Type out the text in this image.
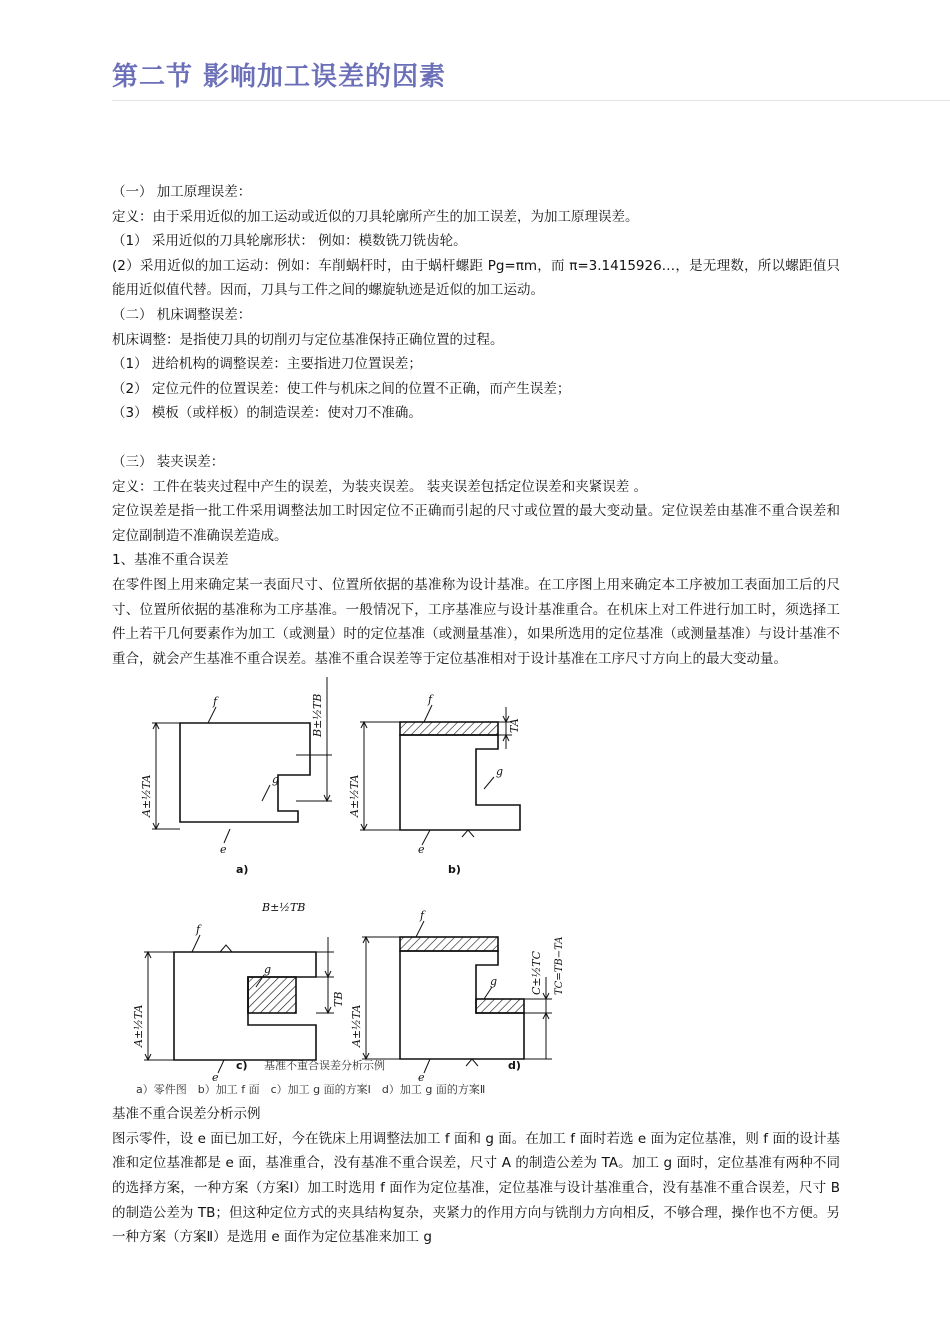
第二节 影响加工误差的因素

（一） 加工原理误差：

定义：由于采用近似的加工运动或近似的刀具轮廓所产生的加工误差，为加工原理误差。

（1） 采用近似的刀具轮廓形状： 例如：模数铣刀铣齿轮。

(2）采用近似的加工运动：例如：车削蜗杆时，由于蜗杆螺距 Pg=πm，而 π=3.1415926…，是无理数，所以螺距值只能用近似值代替。因而，刀具与工件之间的螺旋轨迹是近似的加工运动。

（二） 机床调整误差：

机床调整：是指使刀具的切削刃与定位基准保持正确位置的过程。

（1） 进给机构的调整误差：主要指进刀位置误差；

（2） 定位元件的位置误差：使工件与机床之间的位置不正确，而产生误差；

（3） 模板（或样板）的制造误差：使对刀不准确。

（三） 装夹误差：

定义：工件在装夹过程中产生的误差，为装夹误差。 装夹误差包括定位误差和夹紧误差 。

定位误差是指一批工件采用调整法加工时因定位不正确而引起的尺寸或位置的最大变动量。定位误差由基准不重合误差和定位副制造不准确误差造成。

1、基准不重合误差

在零件图上用来确定某一表面尺寸、位置所依据的基准称为设计基准。在工序图上用来确定本工序被加工表面加工后的尺寸、位置所依据的基准称为工序基准。一般情况下，工序基准应与设计基准重合。在机床上对工件进行加工时，须选择工件上若干几何要素作为加工（或测量）时的定位基准（或测量基准），如果所选用的定位基准（或测量基准）与设计基准不重合，就会产生基准不重合误差。基准不重合误差等于定位基准相对于设计基准在工序尺寸方向上的最大变动量。

f
g
e
f
g
e
f
g
e
f
g
e
A±½TA
B±½TB
A±½TA
TA
A±½TA
TB
B±½TB
A±½TA
C±½TC TC=TB−TA
a)	b)
c)	d)
基准不重合误差分析示例
a）零件图　b）加工 f 面　c）加工 g 面的方案Ⅰ　d）加工 g 面的方案Ⅱ

基准不重合误差分析示例

图示零件，设 e 面已加工好，今在铣床上用调整法加工 f 面和 g 面。在加工 f 面时若选 e 面为定位基准，则 f 面的设计基准和定位基准都是 e 面，基准重合，没有基准不重合误差，尺寸 A 的制造公差为 TA。加工 g 面时，定位基准有两种不同的选择方案，一种方案（方案Ⅰ）加工时选用 f 面作为定位基准，定位基准与设计基准重合，没有基准不重合误差，尺寸 B 的制造公差为 TB；但这种定位方式的夹具结构复杂，夹紧力的作用方向与铣削力方向相反，不够合理，操作也不方便。另一种方案（方案Ⅱ）是选用 e 面作为定位基准来加工 g
